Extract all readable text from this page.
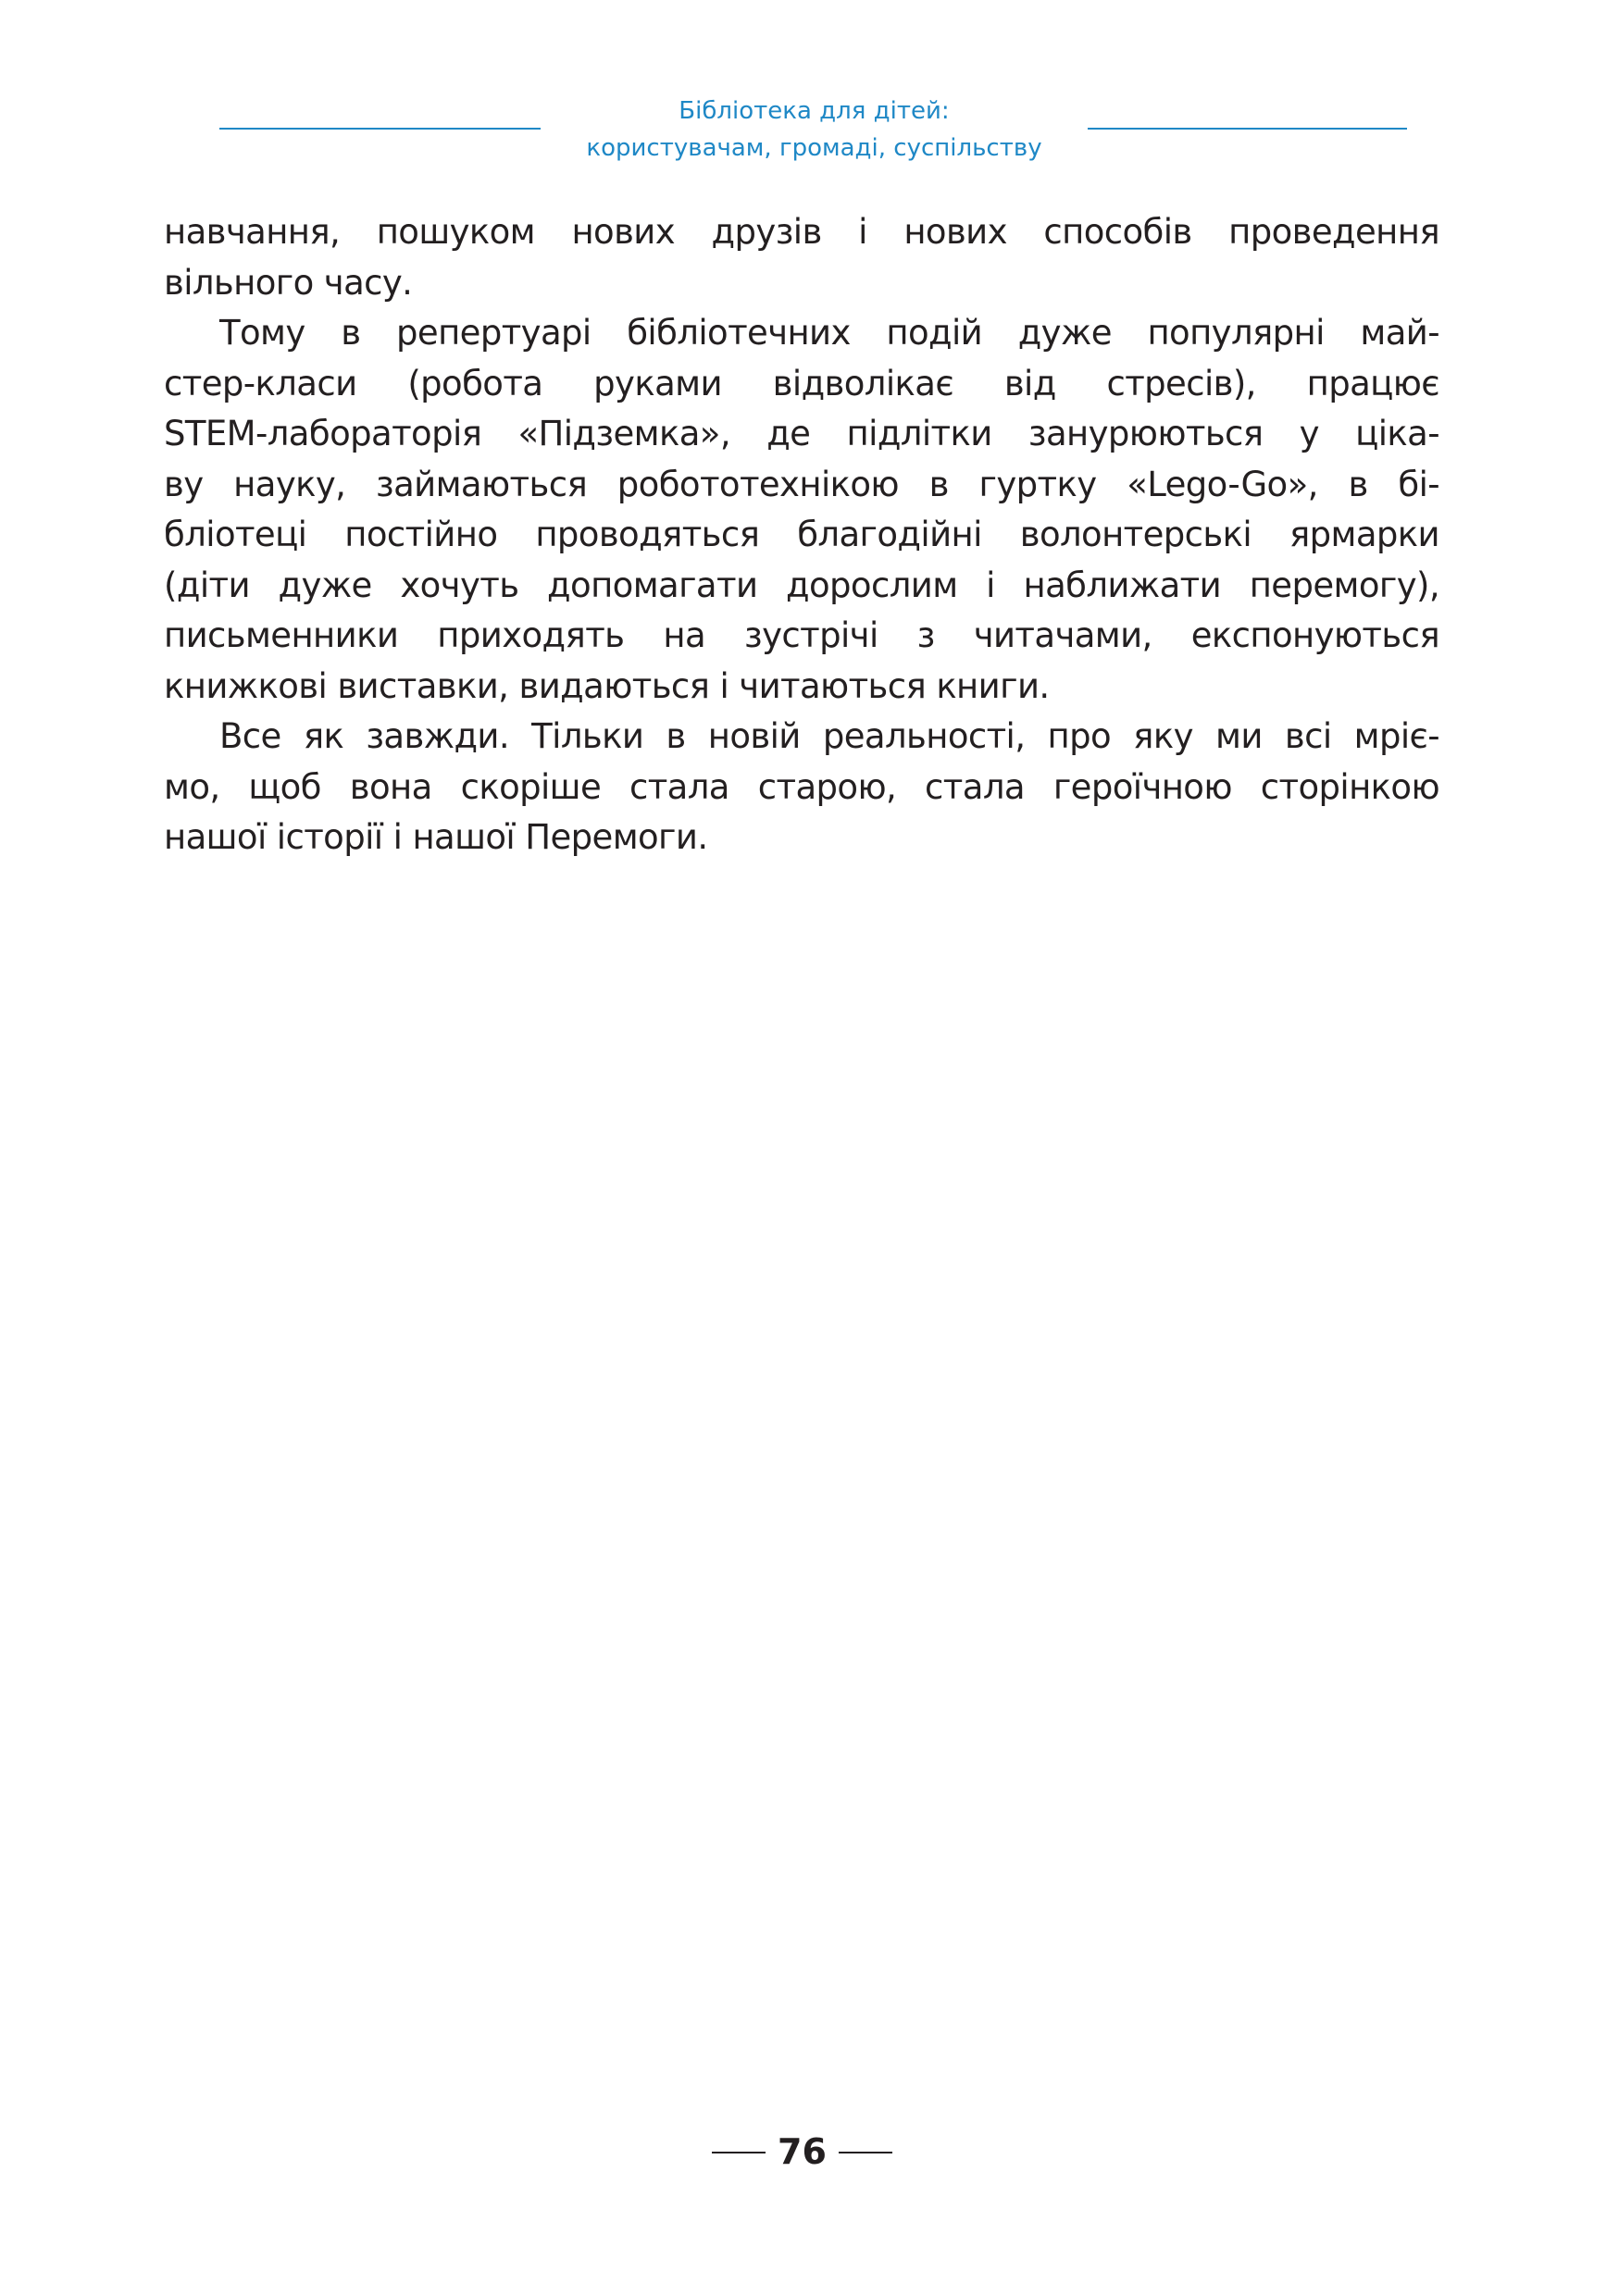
Бібліотека для дітей:
користувачам, громаді, суспільству
навчання, пошуком нових друзів і нових способів проведення
вільного часу.
Тому в репертуарі бібліотечних подій дуже популярні май-
стер-класи (робота руками відволікає від стресів), працює
STEM-лабораторія «Підземка», де підлітки занурюються у ціка-
ву науку, займаються робототехнікою в гуртку «Lego-Go», в бі-
бліотеці постійно проводяться благодійні волонтерські ярмарки
(діти дуже хочуть допомагати дорослим і наближати перемогу),
письменники приходять на зустрічі з читачами, експонуються
книжкові виставки, видаються і читаються книги.
Все як завжди. Тільки в новій реальності, про яку ми всі мріє-
мо, щоб вона скоріше стала старою, стала героїчною сторінкою
нашої історії і нашої Перемоги.
76
